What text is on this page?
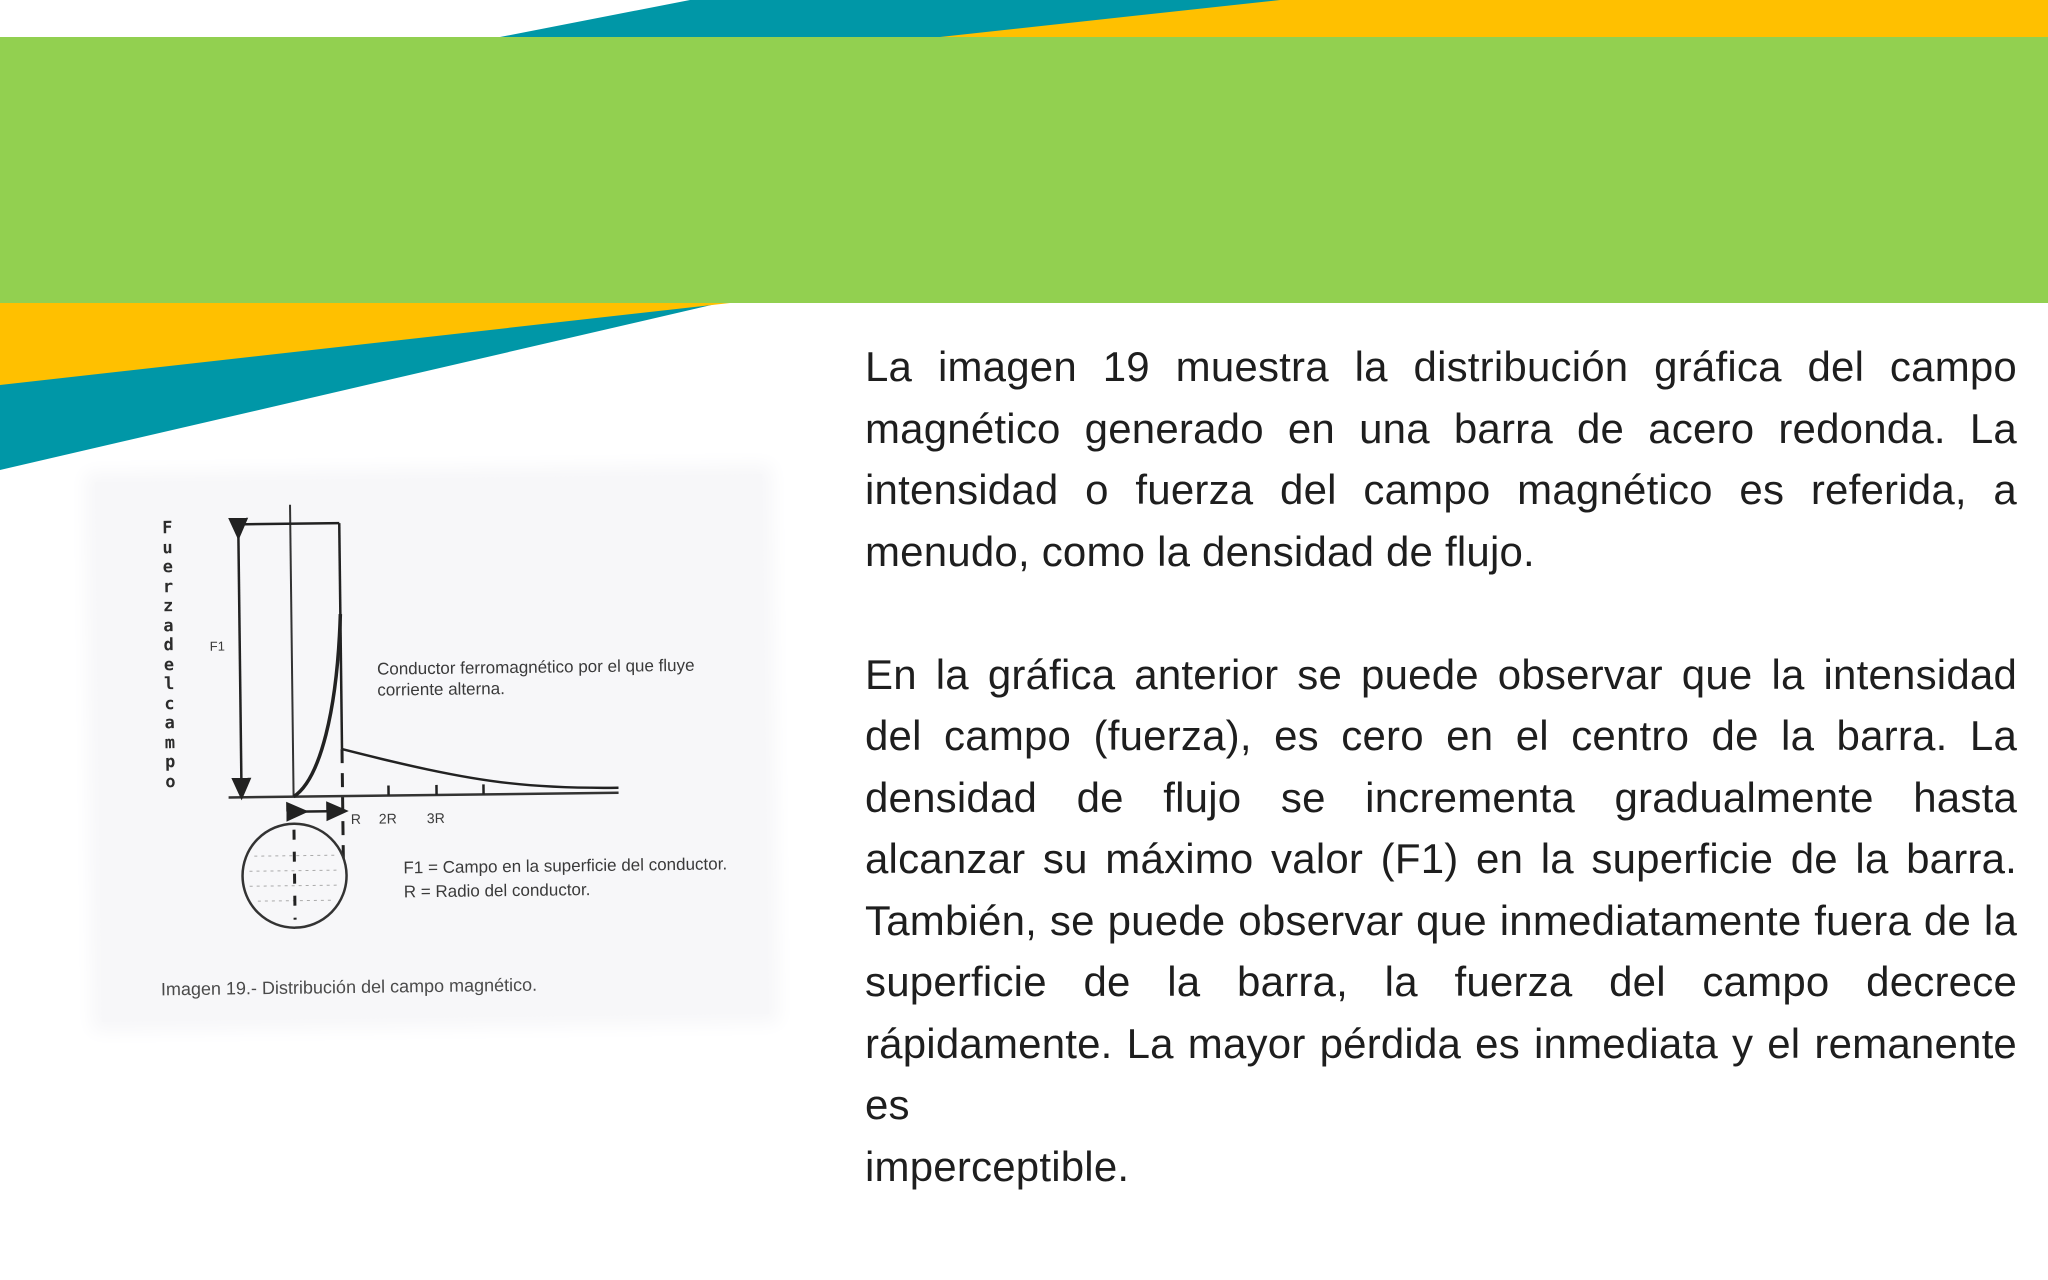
F
u
e
r
z
a
d
e
l
c
a
m
p
o
F1
Conductor ferromagnético por el que fluye corriente alterna.
R 2R 3R
F1 = Campo en la superficie del conductor.
R = Radio del conductor.
Imagen 19.- Distribución del campo magnético.

La imagen 19 muestra la distribución gráfica del campo magnético generado en una barra de acero redonda. La intensidad o fuerza del campo magnético es referida, a menudo, como la densidad de flujo.

En la gráfica anterior se puede observar que la intensidad del campo (fuerza), es cero en el centro de la barra. La densidad de flujo se incrementa gradualmente hasta alcanzar su máximo valor (F1) en la superficie de la barra. También, se puede observar que inmediatamente fuera de la superficie de la barra, la fuerza del campo decrece rápidamente. La mayor pérdida es inmediata y el remanente es

imperceptible.
